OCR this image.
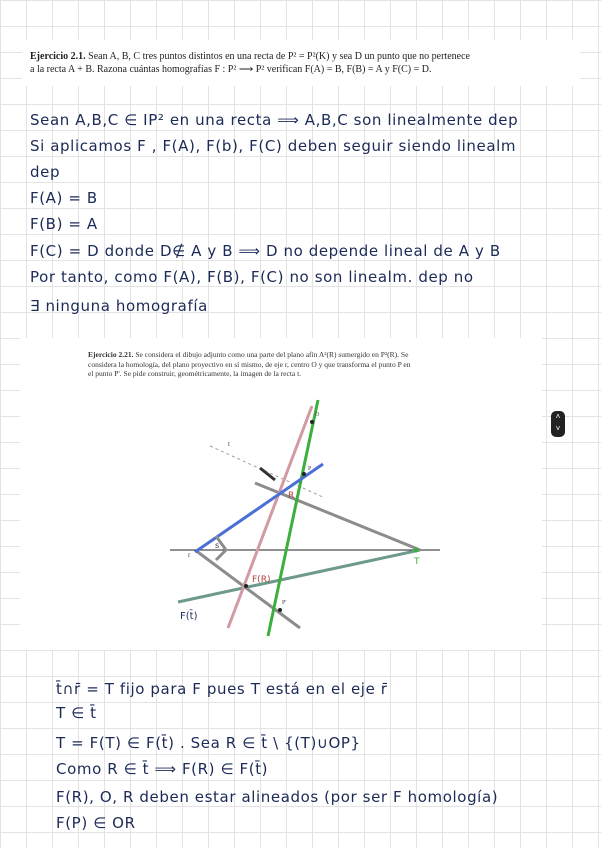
Ejercicio 2.1. Sean A, B, C tres puntos distintos en una recta de P² = P²(K) y sea D un punto que no pertenece
a la recta A + B. Razona cuántas homografías F : P² ⟶ P² verifican F(A) = B, F(B) = A y F(C) = D.
Sean A,B,C ∈ IP² en una recta ⟹ A,B,C son linealmente dep
Si aplicamos F , F(A), F(b), F(C) deben seguir siendo linealm
dep
F(A) = B
F(B) = A
F(C) = D donde D∉ A y B ⟹ D no depende lineal de A y B
Por tanto, como F(A), F(B), F(C) no son linealm. dep no
∃ ninguna homografía
Ejercicio 2.21. Se considera el dibujo adjunto como una parte del plano afín A²(R) sumergido en P²(R). Se
considera la homología, del plano proyectivo en sí mismo, de eje r, centro O y que transforma el punto P en
el punto P'. Se pide construir, geométricamente, la imagen de la recta t.
t
r
R
F(R)
T
F(t̄)
O
P
P'
s
˄
˅
t̄∩r̄ = T fijo para F pues T está en el eje r̄
T ∈ t̄
T = F(T) ∈ F(t̄) . Sea R ∈ t̄ \ {(T)∪OP}
Como R ∈ t̄ ⟹ F(R) ∈ F(t̄)
F(R), O, R deben estar alineados (por ser F homología)
F(P) ∈ OR
